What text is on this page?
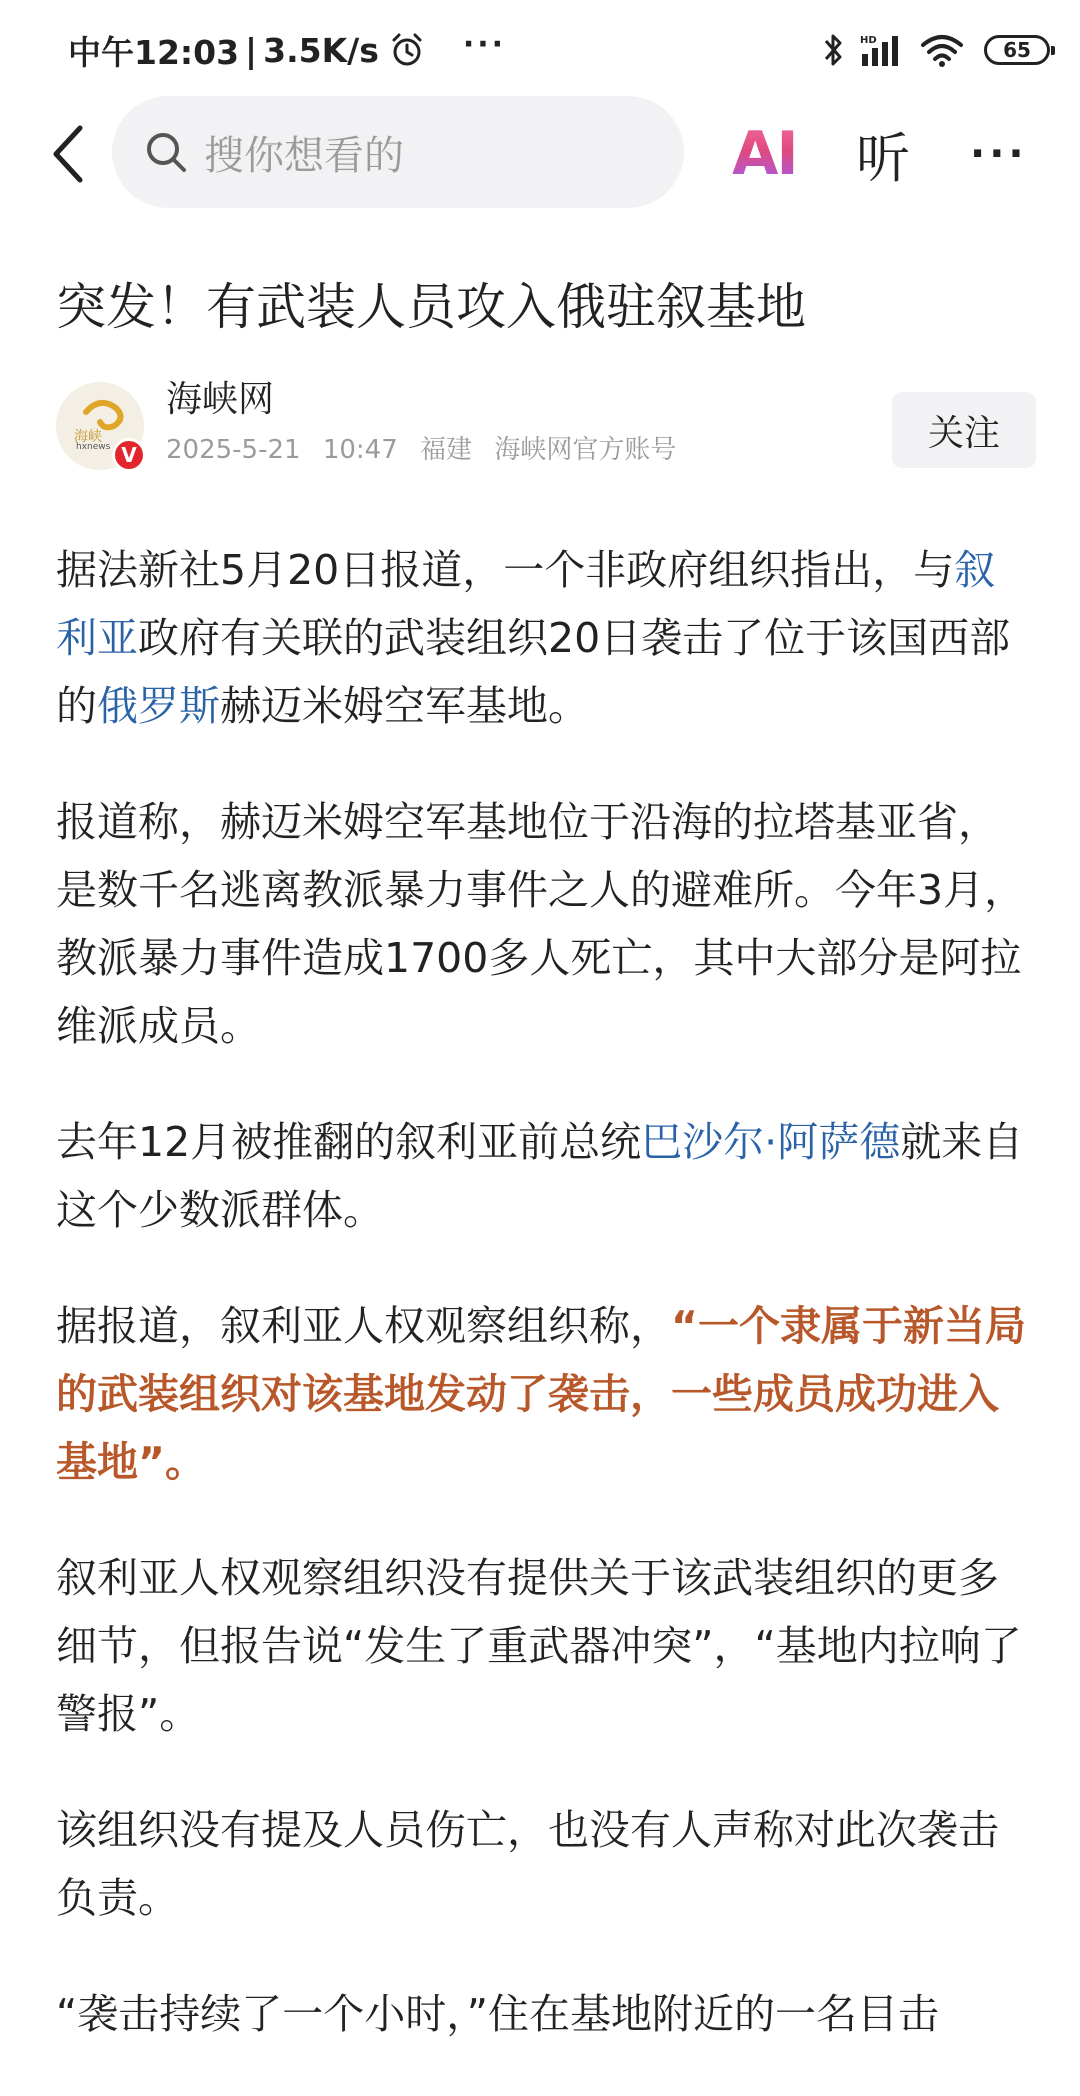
中午12:03 | 3.5K/s	···	HD	65
搜你想看的	AI 听 ···
突发！有武装人员攻入俄驻叙基地
海峡
hxnews V
海峡网
2025-5-21 10:47 福建 海峡网官方账号	关注

据法新社5月20日报道，一个非政府组织指出，与叙利亚政府有关联的武装组织20日袭击了位于该国西部的俄罗斯赫迈米姆空军基地。

报道称，赫迈米姆空军基地位于沿海的拉塔基亚省，是数千名逃离教派暴力事件之人的避难所。今年3月，教派暴力事件造成1700多人死亡，其中大部分是阿拉维派成员。

去年12月被推翻的叙利亚前总统巴沙尔·阿萨德就来自这个少数派群体。

据报道，叙利亚人权观察组织称，“一个隶属于新当局的武装组织对该基地发动了袭击，一些成员成功进入基地”。

叙利亚人权观察组织没有提供关于该武装组织的更多细节，但报告说“发生了重武器冲突”，“基地内拉响了警报”。

该组织没有提及人员伤亡，也没有人声称对此次袭击负责。

“袭击持续了一个小时，”住在基地附近的一名目击
